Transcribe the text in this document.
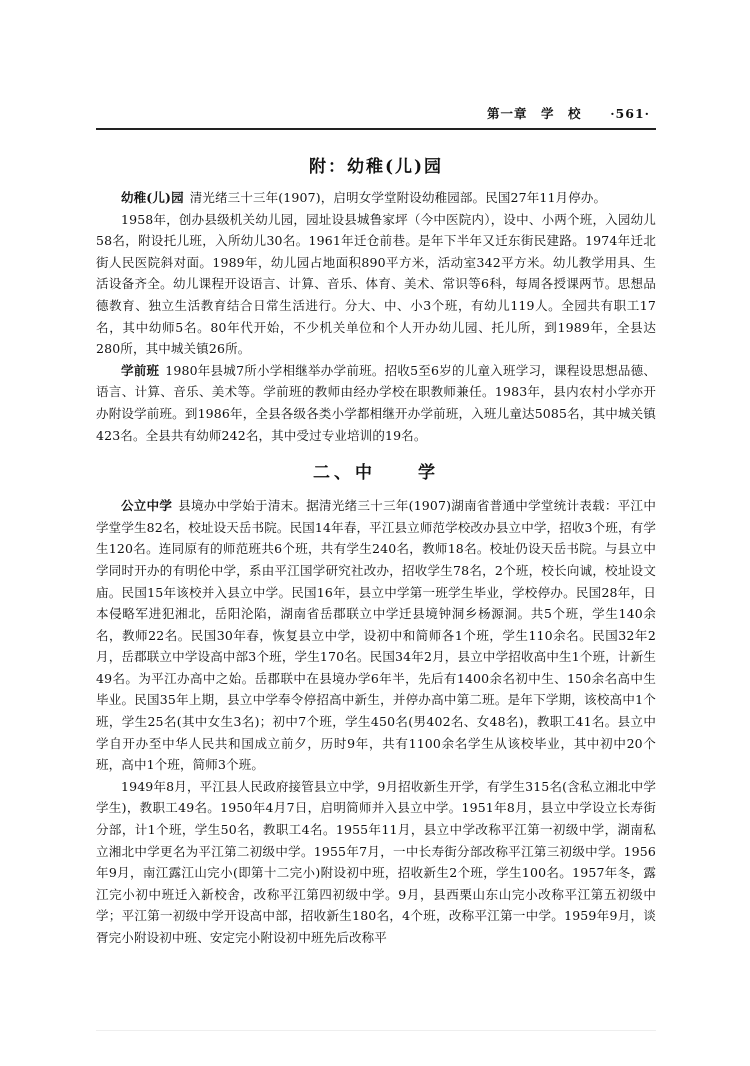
第一章　学　校 ·561·
附：幼稚(儿)园

幼稚(儿)园 清光绪三十三年(1907)，启明女学堂附设幼稚园部。民国27年11月停办。

1958年，创办县级机关幼儿园，园址设县城鲁家坪（今中医院内），设中、小两个班，入园幼儿58名，附设托儿班，入所幼儿30名。1961年迁仓前巷。是年下半年又迁东街民建路。1974年迁北街人民医院斜对面。1989年，幼儿园占地面积890平方米，活动室342平方米。幼儿教学用具、生活设备齐全。幼儿课程开设语言、计算、音乐、体育、美术、常识等6科，每周各授课两节。思想品德教育、独立生活教育结合日常生活进行。分大、中、小3个班，有幼儿119人。全园共有职工17名，其中幼师5名。80年代开始，不少机关单位和个人开办幼儿园、托儿所，到1989年，全县达280所，其中城关镇26所。

学前班 1980年县城7所小学相继举办学前班。招收5至6岁的儿童入班学习，课程设思想品德、语言、计算、音乐、美术等。学前班的教师由经办学校在职教师兼任。1983年，县内农村小学亦开办附设学前班。到1986年，全县各级各类小学都相继开办学前班，入班儿童达5085名，其中城关镇423名。全县共有幼师242名，其中受过专业培训的19名。

二、中　　学

公立中学 县境办中学始于清末。据清光绪三十三年(1907)湖南省普通中学堂统计表载：平江中学堂学生82名，校址设天岳书院。民国14年春，平江县立师范学校改办县立中学，招收3个班，有学生120名。连同原有的师范班共6个班，共有学生240名，教师18名。校址仍设天岳书院。与县立中学同时开办的有明伦中学，系由平江国学研究社改办，招收学生78名，2个班，校长向诚，校址设文庙。民国15年该校并入县立中学。民国16年，县立中学第一班学生毕业，学校停办。民国28年，日本侵略军进犯湘北，岳阳沦陷，湖南省岳郡联立中学迁县境钟洞乡杨源洞。共5个班，学生140余名，教师22名。民国30年春，恢复县立中学，设初中和简师各1个班，学生110余名。民国32年2月，岳郡联立中学设高中部3个班，学生170名。民国34年2月，县立中学招收高中生1个班，计新生49名。为平江办高中之始。岳郡联中在县境办学6年半，先后有1400余名初中生、150余名高中生毕业。民国35年上期，县立中学奉令停招高中新生，并停办高中第二班。是年下学期，该校高中1个班，学生25名(其中女生3名)；初中7个班，学生450名(男402名、女48名)，教职工41名。县立中学自开办至中华人民共和国成立前夕，历时9年，共有1100余名学生从该校毕业，其中初中20个班，高中1个班，简师3个班。

1949年8月，平江县人民政府接管县立中学，9月招收新生开学，有学生315名(含私立湘北中学学生)，教职工49名。1950年4月7日，启明简师并入县立中学。1951年8月，县立中学设立长寿街分部，计1个班，学生50名，教职工4名。1955年11月，县立中学改称平江第一初级中学，湖南私立湘北中学更名为平江第二初级中学。1955年7月，一中长寿街分部改称平江第三初级中学。1956年9月，南江露江山完小(即第十二完小)附设初中班，招收新生2个班，学生100名。1957年冬，露江完小初中班迁入新校舍，改称平江第四初级中学。9月，县西栗山东山完小改称平江第五初级中学；平江第一初级中学开设高中部，招收新生180名，4个班，改称平江第一中学。1959年9月，谈胥完小附设初中班、安定完小附设初中班先后改称平
